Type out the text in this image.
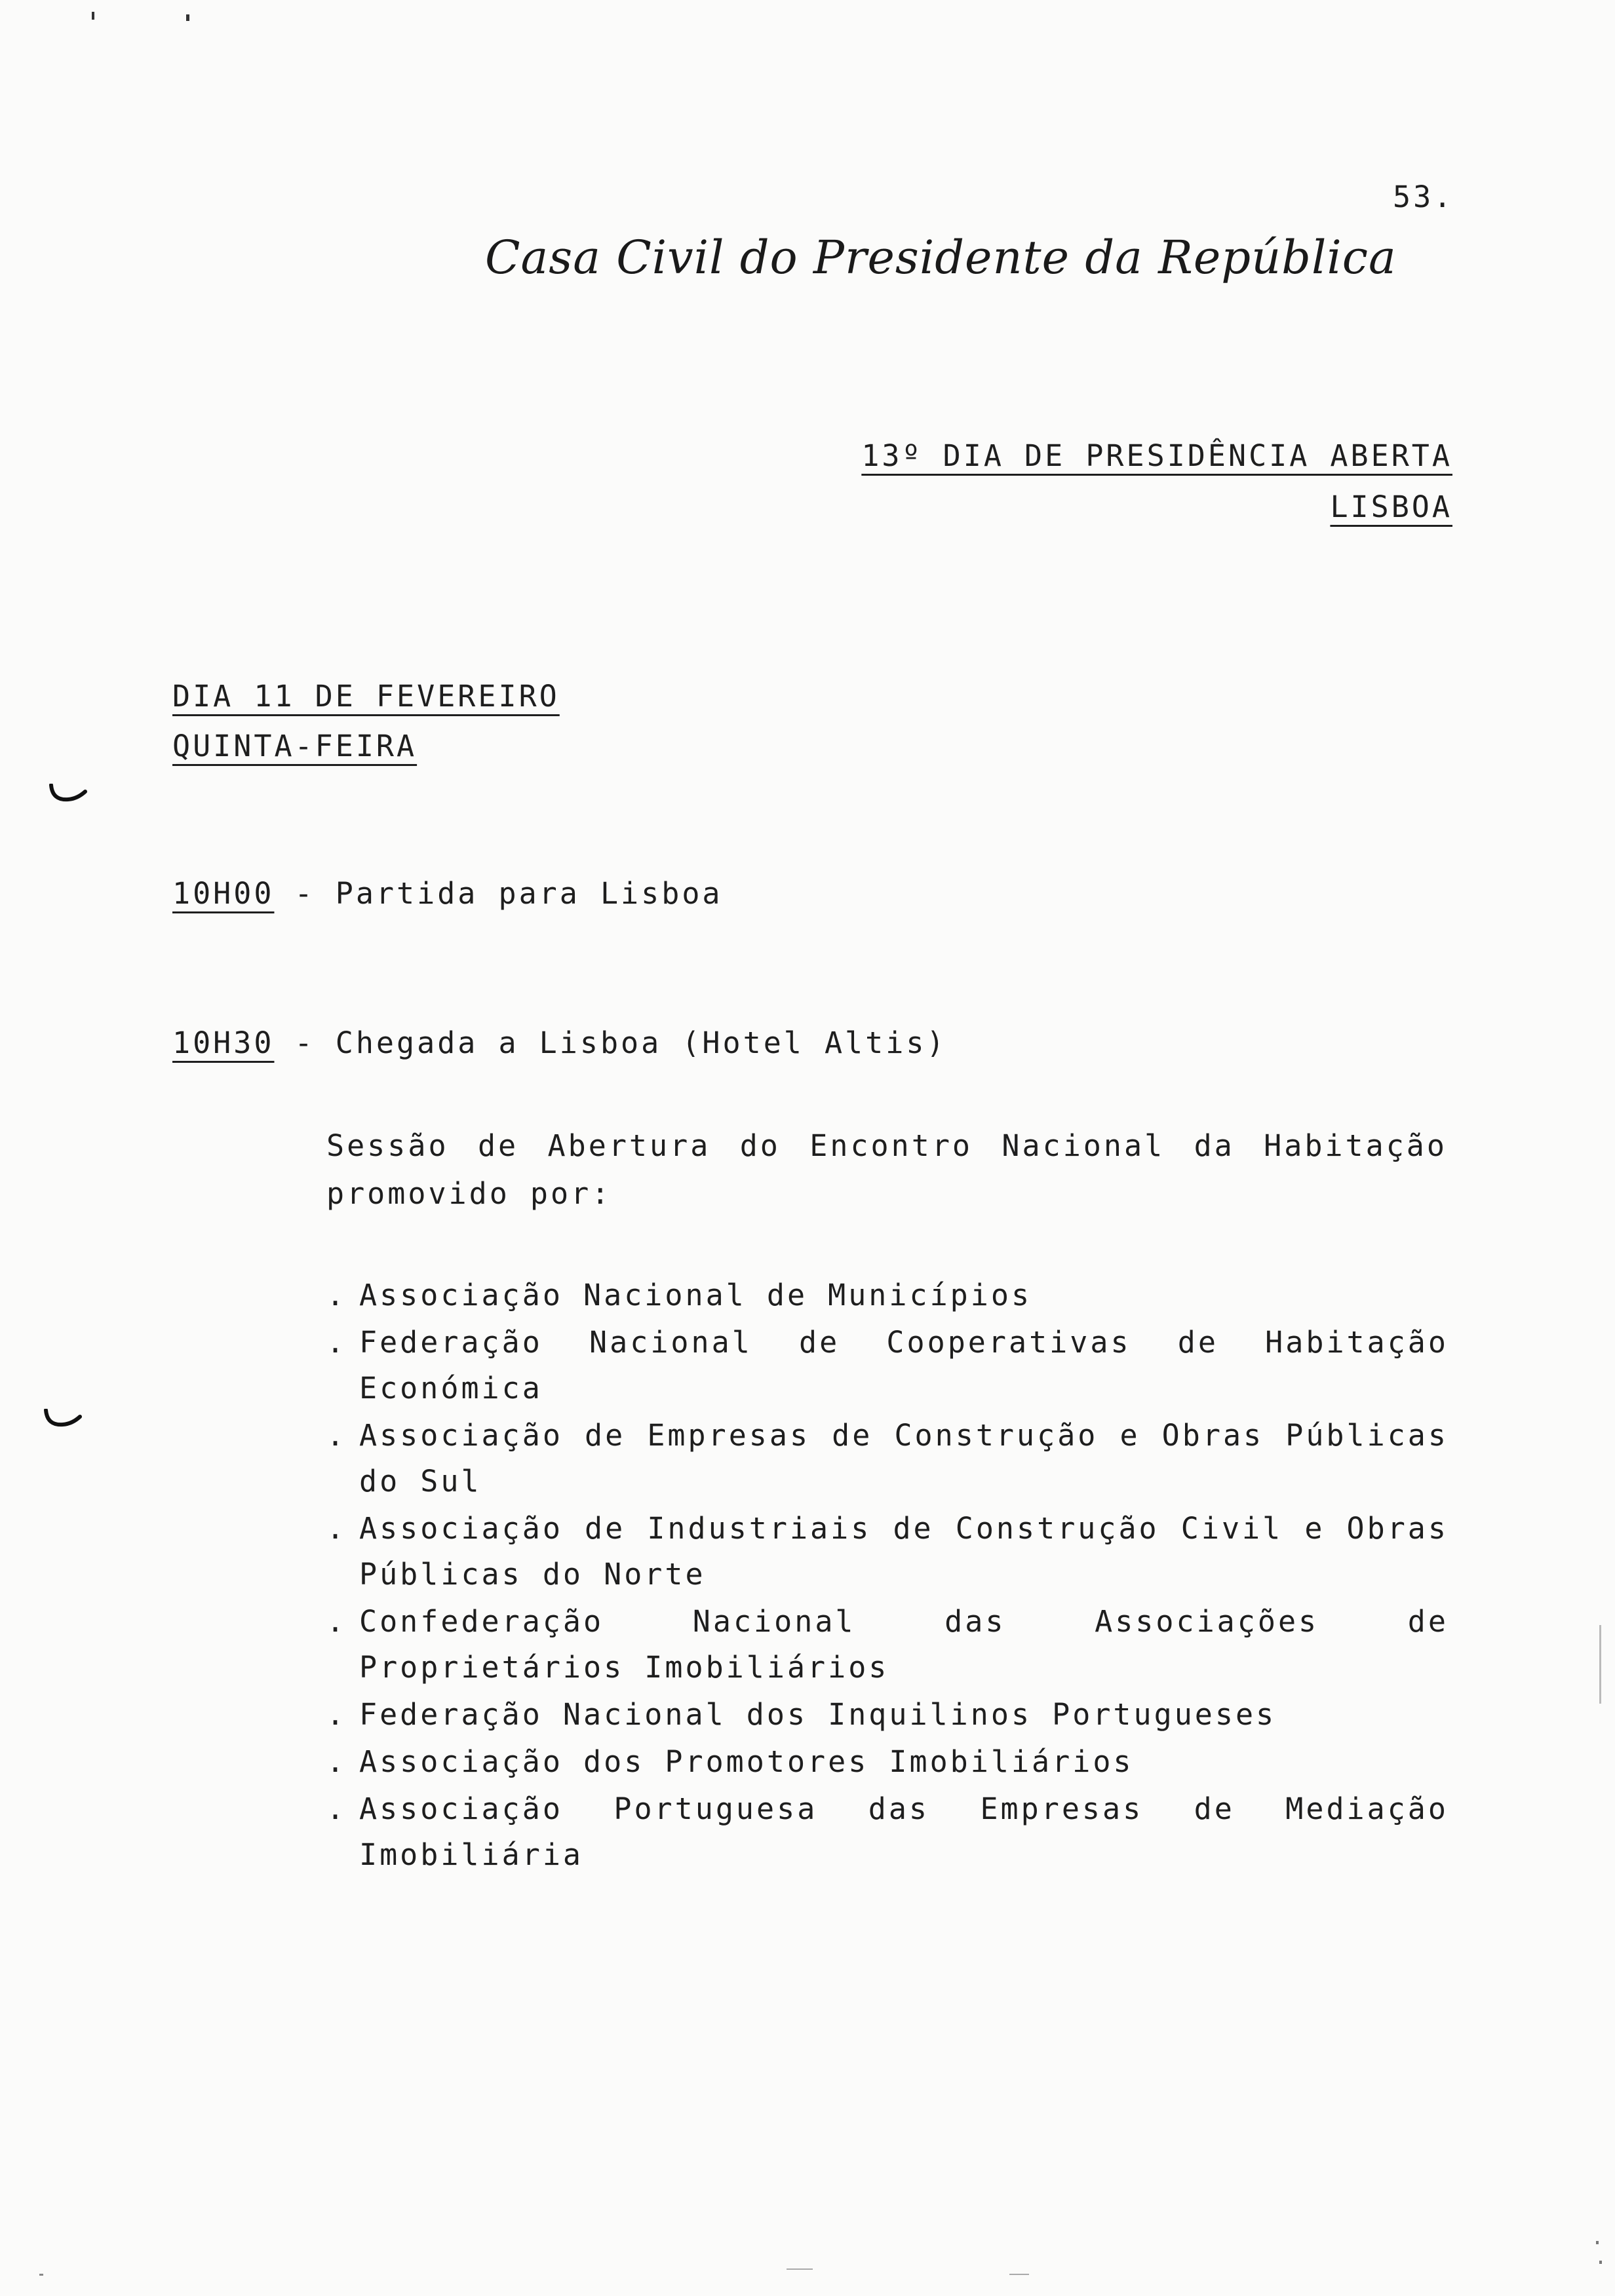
53.
Casa Civil do Presidente da República
13º DIA DE PRESIDÊNCIA ABERTA
LISBOA
DIA 11 DE FEVEREIRO
QUINTA-FEIRA
10H00 - Partida para Lisboa
10H30 - Chegada a Lisboa (Hotel Altis)
Sessão de Abertura do Encontro Nacional da Habitação promovido por:
. Associação Nacional de Municípios
. Federação Nacional de Cooperativas de Habitação Económica
. Associação de Empresas de Construção e Obras Públicas do Sul
. Associação de Industriais de Construção Civil e Obras Públicas do Norte
. Confederação Nacional das Associações de Proprietários Imobiliários
. Federação Nacional dos Inquilinos Portugueses
. Associação dos Promotores Imobiliários
. Associação Portuguesa das Empresas de Mediação Imobiliária
